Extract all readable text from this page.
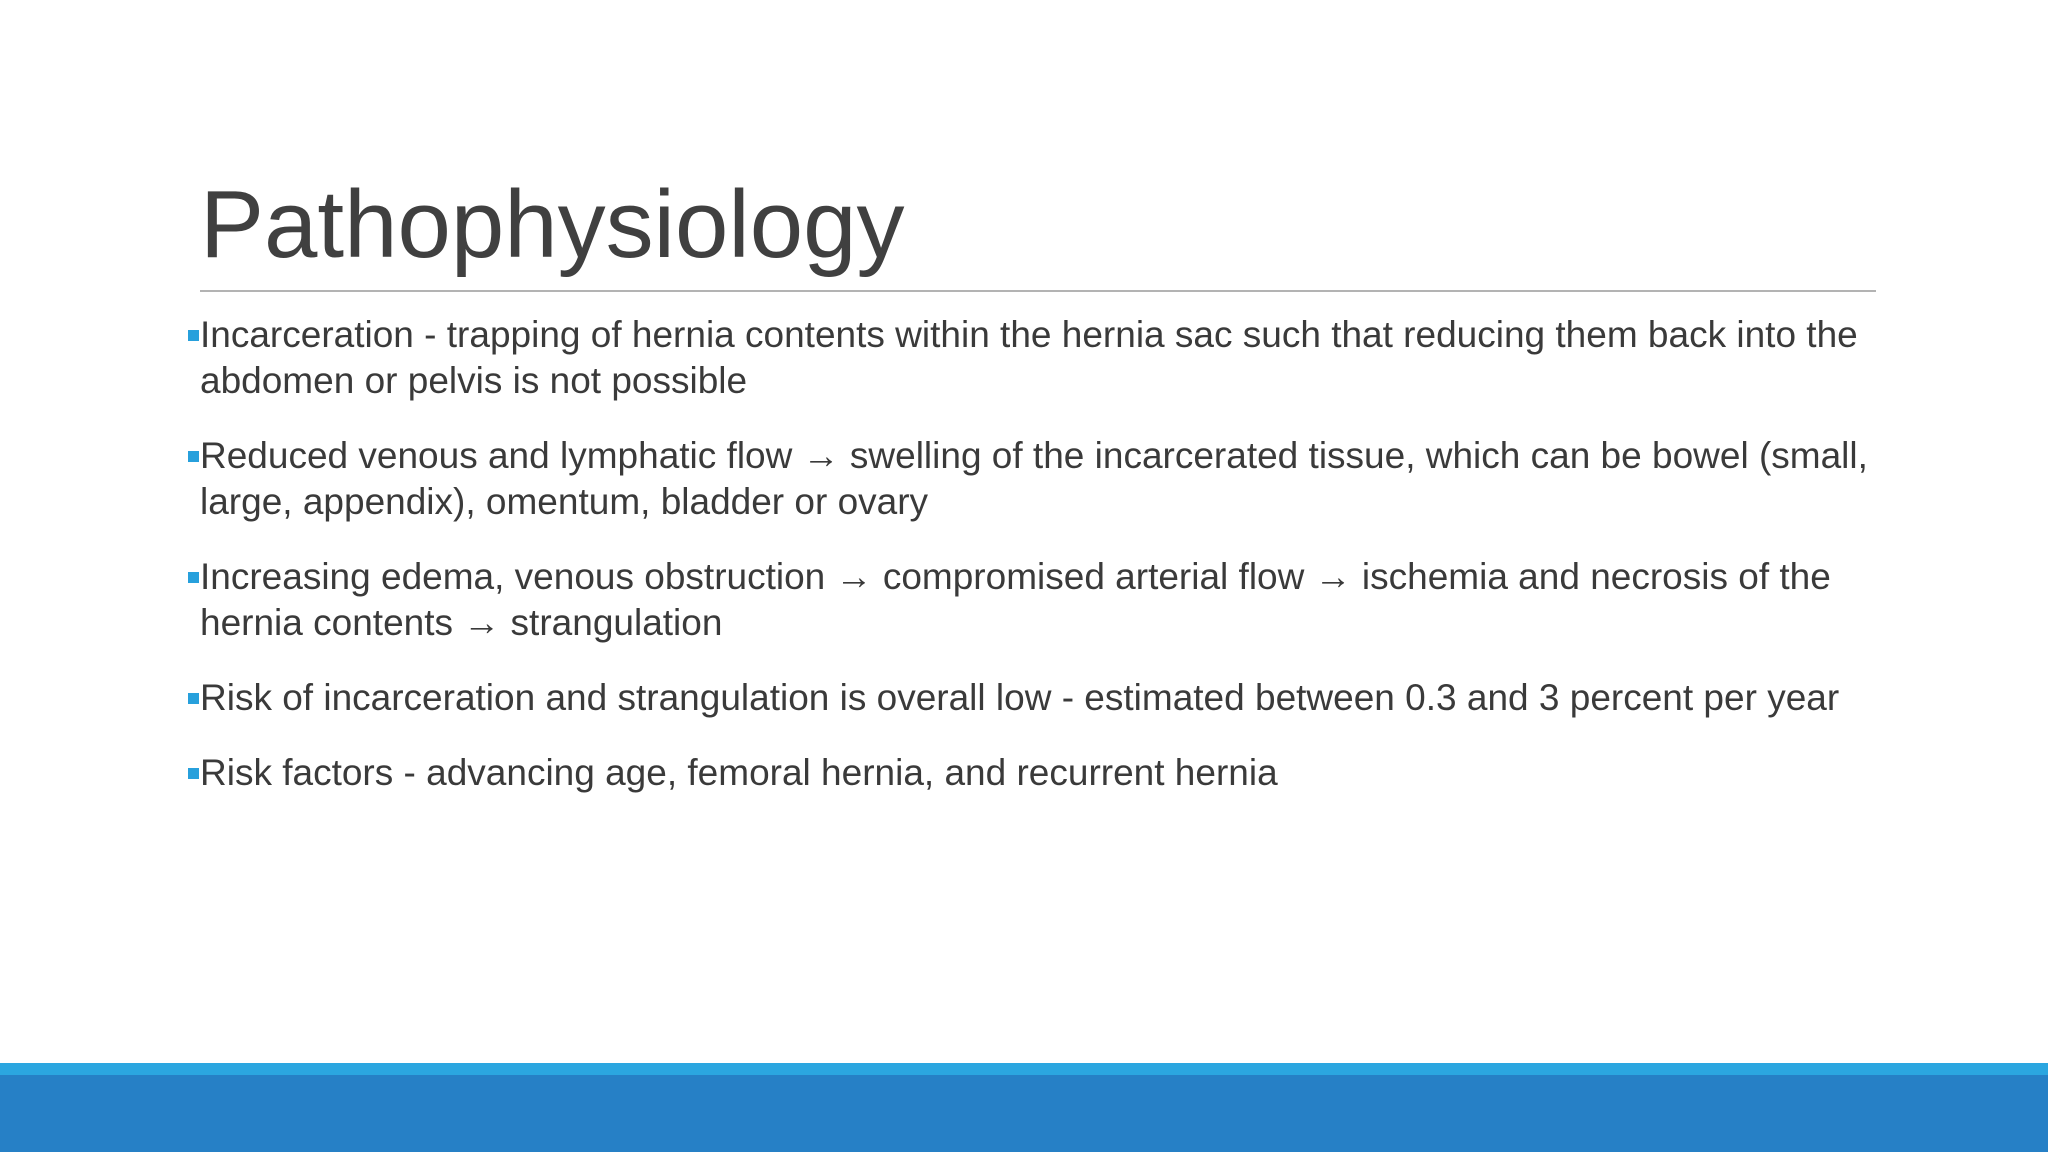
Pathophysiology
Incarceration - trapping of hernia contents within the hernia sac such that reducing them back into the abdomen or pelvis is not possible
Reduced venous and lymphatic flow → swelling of the incarcerated tissue, which can be bowel (small, large, appendix), omentum, bladder or ovary
Increasing edema, venous obstruction → compromised arterial flow → ischemia and necrosis of the hernia contents → strangulation
Risk of incarceration and strangulation is overall low - estimated between 0.3 and 3 percent per year
Risk factors - advancing age, femoral hernia, and recurrent hernia
